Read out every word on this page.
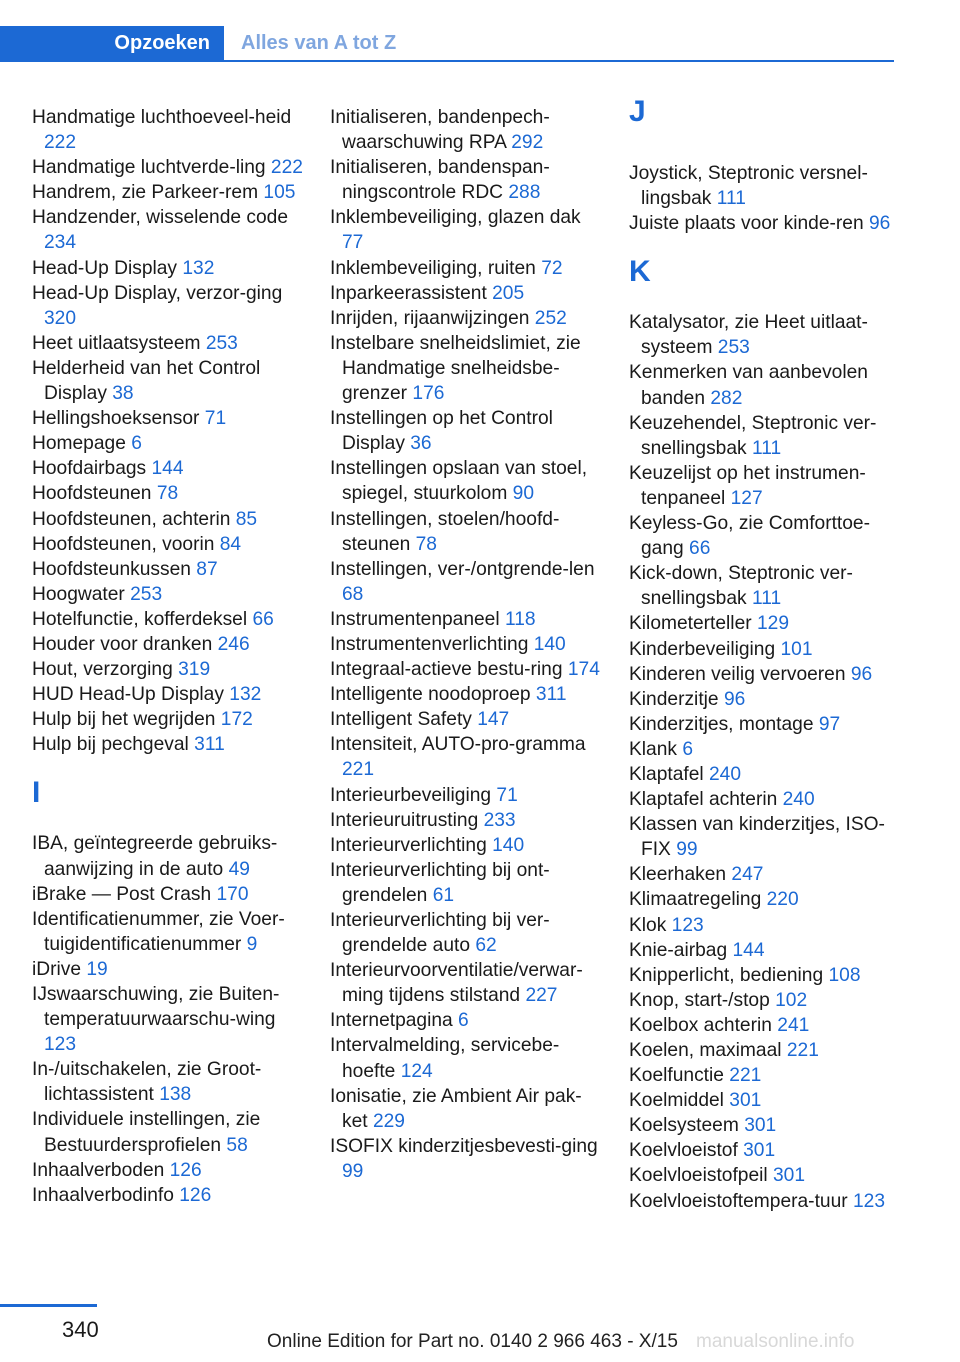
Opzoeken	Alles van A tot Z
Handmatige luchthoeveel-heid 222
Handmatige luchtverde-ling 222
Handrem, zie Parkeer-rem 105
Handzender, wisselende code 234
Head-Up Display 132
Head-Up Display, verzor-ging 320
Heet uitlaatsysteem 253
Helderheid van het Control Display 38
Hellingshoeksensor 71
Homepage 6
Hoofdairbags 144
Hoofdsteunen 78
Hoofdsteunen, achterin 85
Hoofdsteunen, voorin 84
Hoofdsteunkussen 87
Hoogwater 253
Hotelfunctie, kofferdeksel 66
Houder voor dranken 246
Hout, verzorging 319
HUD Head-Up Display 132
Hulp bij het wegrijden 172
Hulp bij pechgeval 311
I
IBA, geïntegreerde gebruiks-aanwijzing in de auto 49
iBrake — Post Crash 170
Identificatienummer, zie Voer-tuigidentificatienummer 9
iDrive 19
IJswaarschuwing, zie Buiten-temperatuurwaarschu-wing 123
In-/uitschakelen, zie Groot-lichtassistent 138
Individuele instellingen, zie Bestuurdersprofielen 58
Inhaalverboden 126
Inhaalverbodinfo 126
Initialiseren, bandenpech-waarschuwing RPA 292
Initialiseren, bandenspan-ningscontrole RDC 288
Inklembeveiliging, glazen dak 77
Inklembeveiliging, ruiten 72
Inparkeerassistent 205
Inrijden, rijaanwijzingen 252
Instelbare snelheidslimiet, zie Handmatige snelheidsbe-grenzer 176
Instellingen op het Control Display 36
Instellingen opslaan van stoel, spiegel, stuurkolom 90
Instellingen, stoelen/hoofd-steunen 78
Instellingen, ver-/ontgrende-len 68
Instrumentenpaneel 118
Instrumentenverlichting 140
Integraal-actieve bestu-ring 174
Intelligente noodoproep 311
Intelligent Safety 147
Intensiteit, AUTO-pro-gramma 221
Interieurbeveiliging 71
Interieuruitrusting 233
Interieurverlichting 140
Interieurverlichting bij ont-grendelen 61
Interieurverlichting bij ver-grendelde auto 62
Interieurvoorventilatie/verwar-ming tijdens stilstand 227
Internetpagina 6
Intervalmelding, servicebe-hoefte 124
Ionisatie, zie Ambient Air pak-ket 229
ISOFIX kinderzitjesbevesti-ging 99
J
Joystick, Steptronic versnel-lingsbak 111
Juiste plaats voor kinde-ren 96
K
Katalysator, zie Heet uitlaat-systeem 253
Kenmerken van aanbevolen banden 282
Keuzehendel, Steptronic ver-snellingsbak 111
Keuzelijst op het instrumen-tenpaneel 127
Keyless-Go, zie Comforttoe-gang 66
Kick-down, Steptronic ver-snellingsbak 111
Kilometerteller 129
Kinderbeveiliging 101
Kinderen veilig vervoeren 96
Kinderzitje 96
Kinderzitjes, montage 97
Klank 6
Klaptafel 240
Klaptafel achterin 240
Klassen van kinderzitjes, ISO-FIX 99
Kleerhaken 247
Klimaatregeling 220
Klok 123
Knie-airbag 144
Knipperlicht, bediening 108
Knop, start-/stop 102
Koelbox achterin 241
Koelen, maximaal 221
Koelfunctie 221
Koelmiddel 301
Koelsysteem 301
Koelvloeistof 301
Koelvloeistofpeil 301
Koelvloeistoftempera-tuur 123
340	Online Edition for Part no. 0140 2 966 463 - X/15 manualsonline.info
